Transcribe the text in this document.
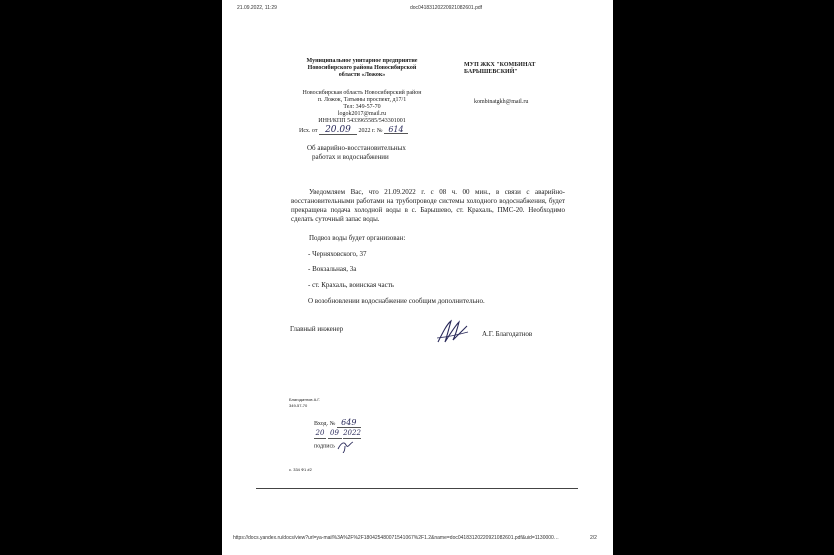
21.09.2022, 11:29	doc04183120220921082601.pdf
Муниципальное унитарное предприятие
Новосибирского района Новосибирской
области «Ложок»
Новосибирская область Новосибирский район
п. Ложок, Татьяны проспект, д17/1
Тел: 349-57-70
logok2017@mail.ru
ИНН/КПП 5433965585/543301001
Исх. от 20.09 2022 г. № 614
МУП ЖКХ "КОМБИНАТ
БАРЫШЕВСКИЙ"
kombinatgkh@mail.ru
Об аварийно-восстановительных
работах и водоснабжении

Уведомляем Вас, что 21.09.2022 г. с 08 ч. 00 мин., в связи с аварийно-восстановительными работами на трубопроводе системы холодного водоснабжения, будет прекращена подача холодной воды в с. Барышево, ст. Крахаль, ПМС-20. Необходимо сделать суточный запас воды.

Подвоз воды будет организован:
- Черняховского, 37
- Вокзальная, 3а
- ст. Крахаль, воинская часть
О возобновлении водоснабжение сообщим дополнительно.
Главный инженер
А.Г. Благодатнов
Благодатнов А.Г.
349-57-70
Вход. № 649
20 09 2022
подпись
с. 334 Ф1 #2
https://docs.yandex.ru/docs/view?url=ya-mail%3A%2F%2F180425480071541067%2F1.2&name=doc04183120220921082601.pdf&uid=1130000…	2/2
